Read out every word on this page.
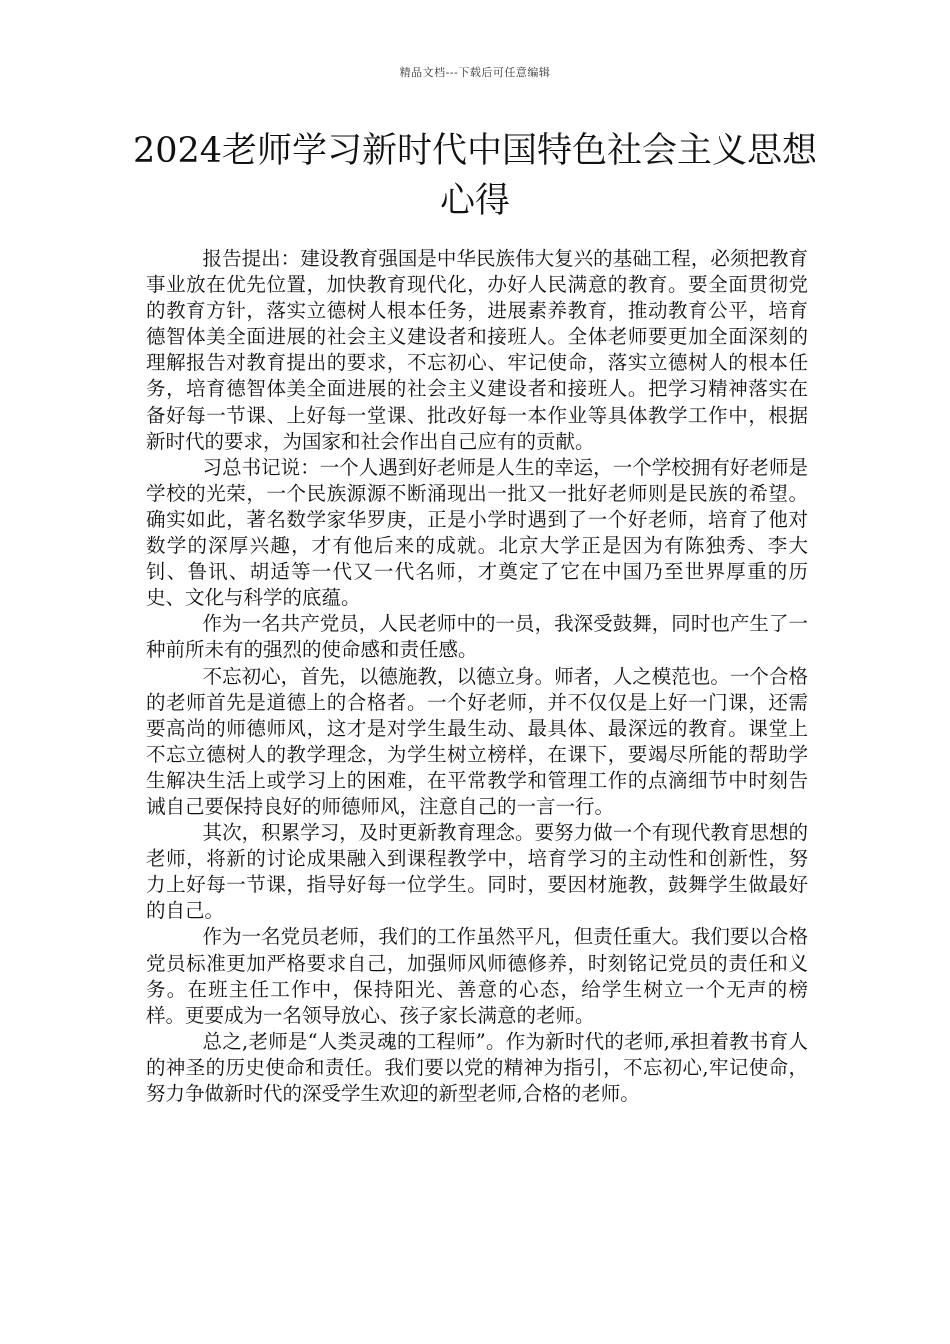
精品文档---下载后可任意编辑
2024老师学习新时代中国特色社会主义思想心得

报告提出：建设教育强国是中华民族伟大复兴的基础工程，必须把教育事业放在优先位置，加快教育现代化，办好人民满意的教育。要全面贯彻党的教育方针，落实立德树人根本任务，进展素养教育，推动教育公平，培育德智体美全面进展的社会主义建设者和接班人。全体老师要更加全面深刻的理解报告对教育提出的要求，不忘初心、牢记使命，落实立德树人的根本任务，培育德智体美全面进展的社会主义建设者和接班人。把学习精神落实在备好每一节课、上好每一堂课、批改好每一本作业等具体教学工作中，根据新时代的要求，为国家和社会作出自己应有的贡献。

习总书记说：一个人遇到好老师是人生的幸运，一个学校拥有好老师是学校的光荣，一个民族源源不断涌现出一批又一批好老师则是民族的希望。确实如此，著名数学家华罗庚，正是小学时遇到了一个好老师，培育了他对数学的深厚兴趣，才有他后来的成就。北京大学正是因为有陈独秀、李大钊、鲁讯、胡适等一代又一代名师，才奠定了它在中国乃至世界厚重的历史、文化与科学的底蕴。

作为一名共产党员，人民老师中的一员，我深受鼓舞，同时也产生了一种前所未有的强烈的使命感和责任感。

不忘初心，首先，以德施教，以德立身。师者，人之模范也。一个合格的老师首先是道德上的合格者。一个好老师，并不仅仅是上好一门课，还需要高尚的师德师风，这才是对学生最生动、最具体、最深远的教育。课堂上不忘立德树人的教学理念，为学生树立榜样，在课下，要竭尽所能的帮助学生解决生活上或学习上的困难，在平常教学和管理工作的点滴细节中时刻告诫自己要保持良好的师德师风，注意自己的一言一行。

其次，积累学习，及时更新教育理念。要努力做一个有现代教育思想的老师，将新的讨论成果融入到课程教学中，培育学习的主动性和创新性，努力上好每一节课，指导好每一位学生。同时，要因材施教，鼓舞学生做最好的自己。

作为一名党员老师，我们的工作虽然平凡，但责任重大。我们要以合格党员标准更加严格要求自己，加强师风师德修养，时刻铭记党员的责任和义务。在班主任工作中，保持阳光、善意的心态，给学生树立一个无声的榜样。更要成为一名领导放心、孩子家长满意的老师。

总之,老师是“人类灵魂的工程师”。作为新时代的老师,承担着教书育人的神圣的历史使命和责任。我们要以党的精神为指引，不忘初心,牢记使命，努力争做新时代的深受学生欢迎的新型老师,合格的老师。
